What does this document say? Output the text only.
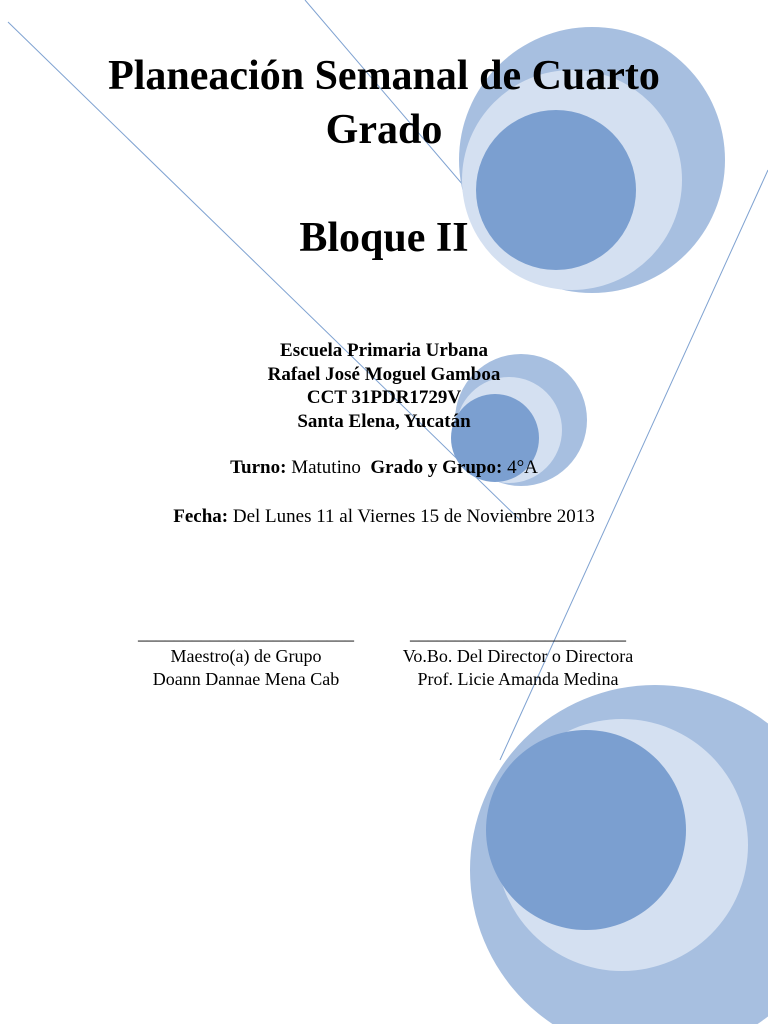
Planeación Semanal de Cuarto
Grado
Bloque II

Escuela Primaria Urbana

Rafael José Moguel Gamboa

CCT 31PDR1729V

Santa Elena, Yucatán

Turno: Matutino Grado y Grupo: 4°A
Fecha: Del Lunes 11 al Viernes 15 de Noviembre 2013
________________________
Maestro(a) de Grupo
Doann Dannae Mena Cab
________________________
Vo.Bo. Del Director o Directora
Prof. Licie Amanda Medina
